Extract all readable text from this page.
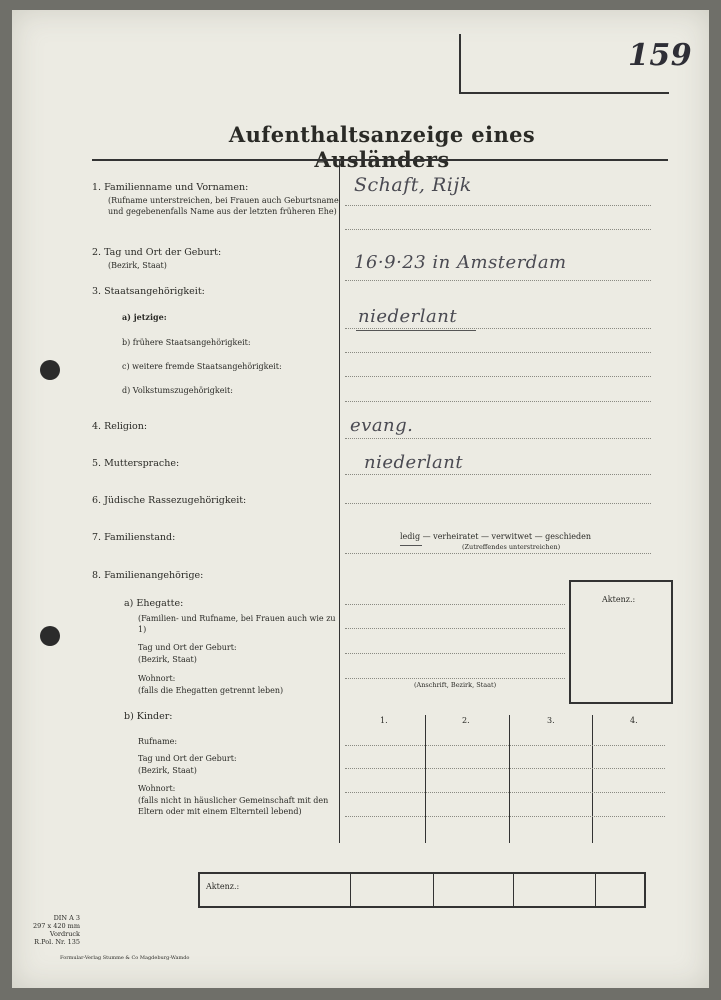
159
Aufenthaltsanzeige eines Ausländers
1. Familienname und Vornamen:
(Rufname unterstreichen, bei Frauen auch Geburtsname und gegebenenfalls Name aus der letzten früheren Ehe)
Schaft, Rijk
2. Tag und Ort der Geburt:
(Bezirk, Staat)	16·9·23 in Amsterdam
3. Staatsangehörigkeit:
a) jetzige:	niederlant
b) frühere Staatsangehörigkeit:
c) weitere fremde Staatsangehörigkeit:
d) Volkstumszugehörigkeit:
4. Religion:	evang.
5. Muttersprache:	niederlant
6. Jüdische Rassezugehörigkeit:
7. Familienstand:	ledig — verheiratet — verwitwet — geschieden
(Zutreffendes unterstreichen)
8. Familienangehörige:
a) Ehegatte:
(Familien- und Rufname, bei Frauen auch wie zu 1)
Tag und Ort der Geburt:
(Bezirk, Staat)
Wohnort:
(falls die Ehegatten getrennt leben)
(Anschrift, Bezirk, Staat)
Aktenz.:
b) Kinder:
Rufname:
Tag und Ort der Geburt:
(Bezirk, Staat)
Wohnort:
(falls nicht in häuslicher Gemeinschaft mit den Eltern oder mit einem Elternteil lebend)
1.	2.	3.	4.
Aktenz.:
DIN A 3
297 x 420 mm
Vordruck
R.Pol. Nr. 135
Formular-Verlag Stumme & Co Magdeburg-Wamdo
